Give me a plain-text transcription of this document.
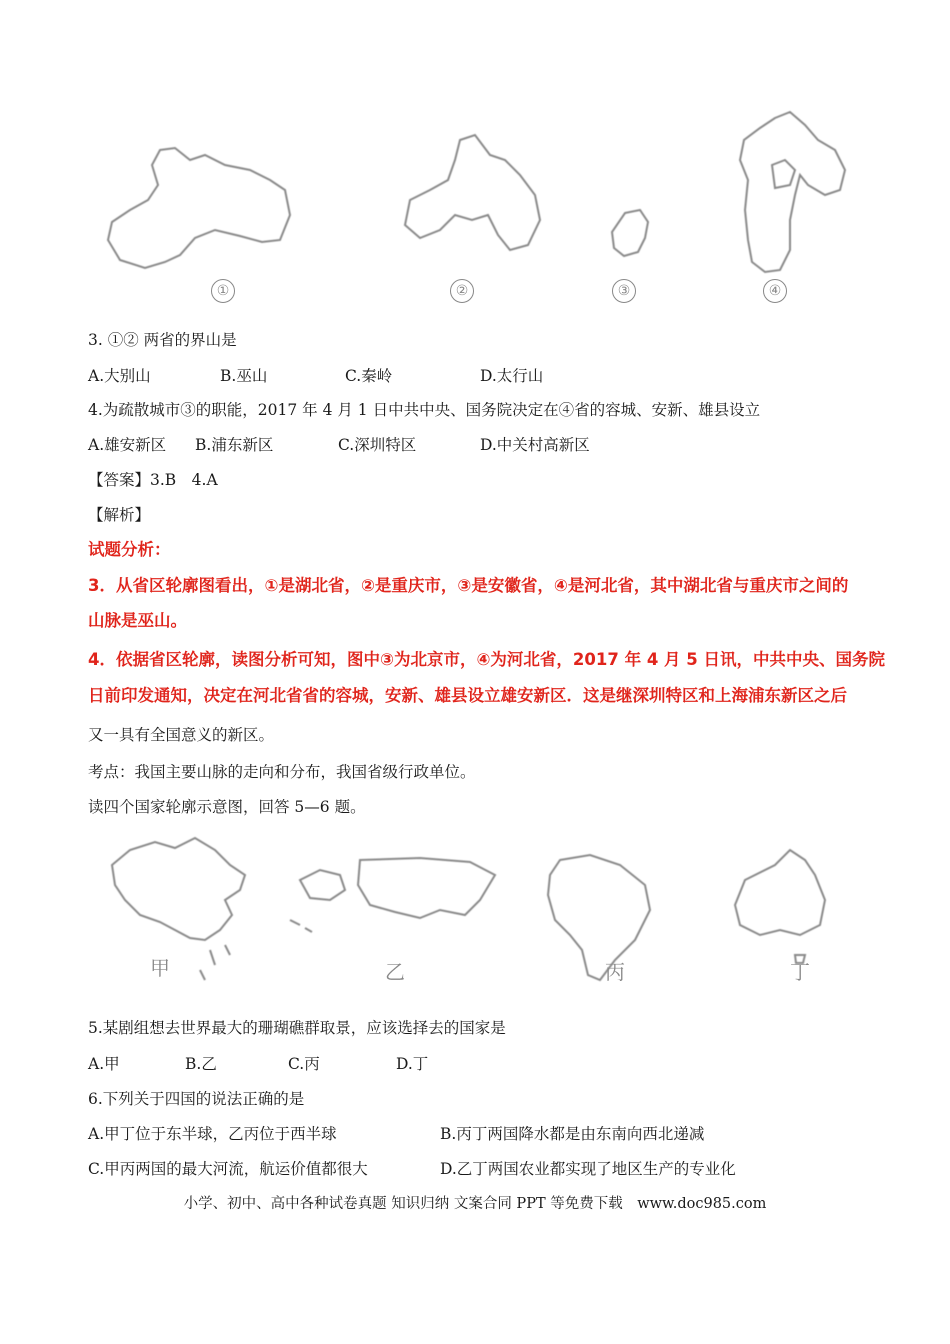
①	②	③	④
3. ①② 两省的界山是
A.大别山	B.巫山	C.秦岭	D.太行山
4.为疏散城市③的职能，2017 年 4 月 1 日中共中央、国务院决定在④省的容城、安新、雄县设立
A.雄安新区 B.浦东新区	C.深圳特区	D.中关村高新区
【答案】3.B　4.A
【解析】
试题分析：
3．从省区轮廓图看出，①是湖北省，②是重庆市，③是安徽省，④是河北省，其中湖北省与重庆市之间的
山脉是巫山。
4．依据省区轮廓，读图分析可知，图中③为北京市，④为河北省，2017 年 4 月 5 日讯，中共中央、国务院
日前印发通知，决定在河北省省的容城，安新、雄县设立雄安新区．这是继深圳特区和上海浦东新区之后
又一具有全国意义的新区。
考点：我国主要山脉的走向和分布，我国省级行政单位。
读四个国家轮廓示意图，回答 5—6 题。
甲	乙	丙	丁
5.某剧组想去世界最大的珊瑚礁群取景，应该选择去的国家是
A.甲	B.乙	C.丙	D.丁
6.下列关于四国的说法正确的是
A.甲丁位于东半球，乙丙位于西半球	B.丙丁两国降水都是由东南向西北递减
C.甲丙两国的最大河流，航运价值都很大	D.乙丁两国农业都实现了地区生产的专业化
小学、初中、高中各种试卷真题 知识归纳 文案合同 PPT 等免费下载　www.doc985.com
